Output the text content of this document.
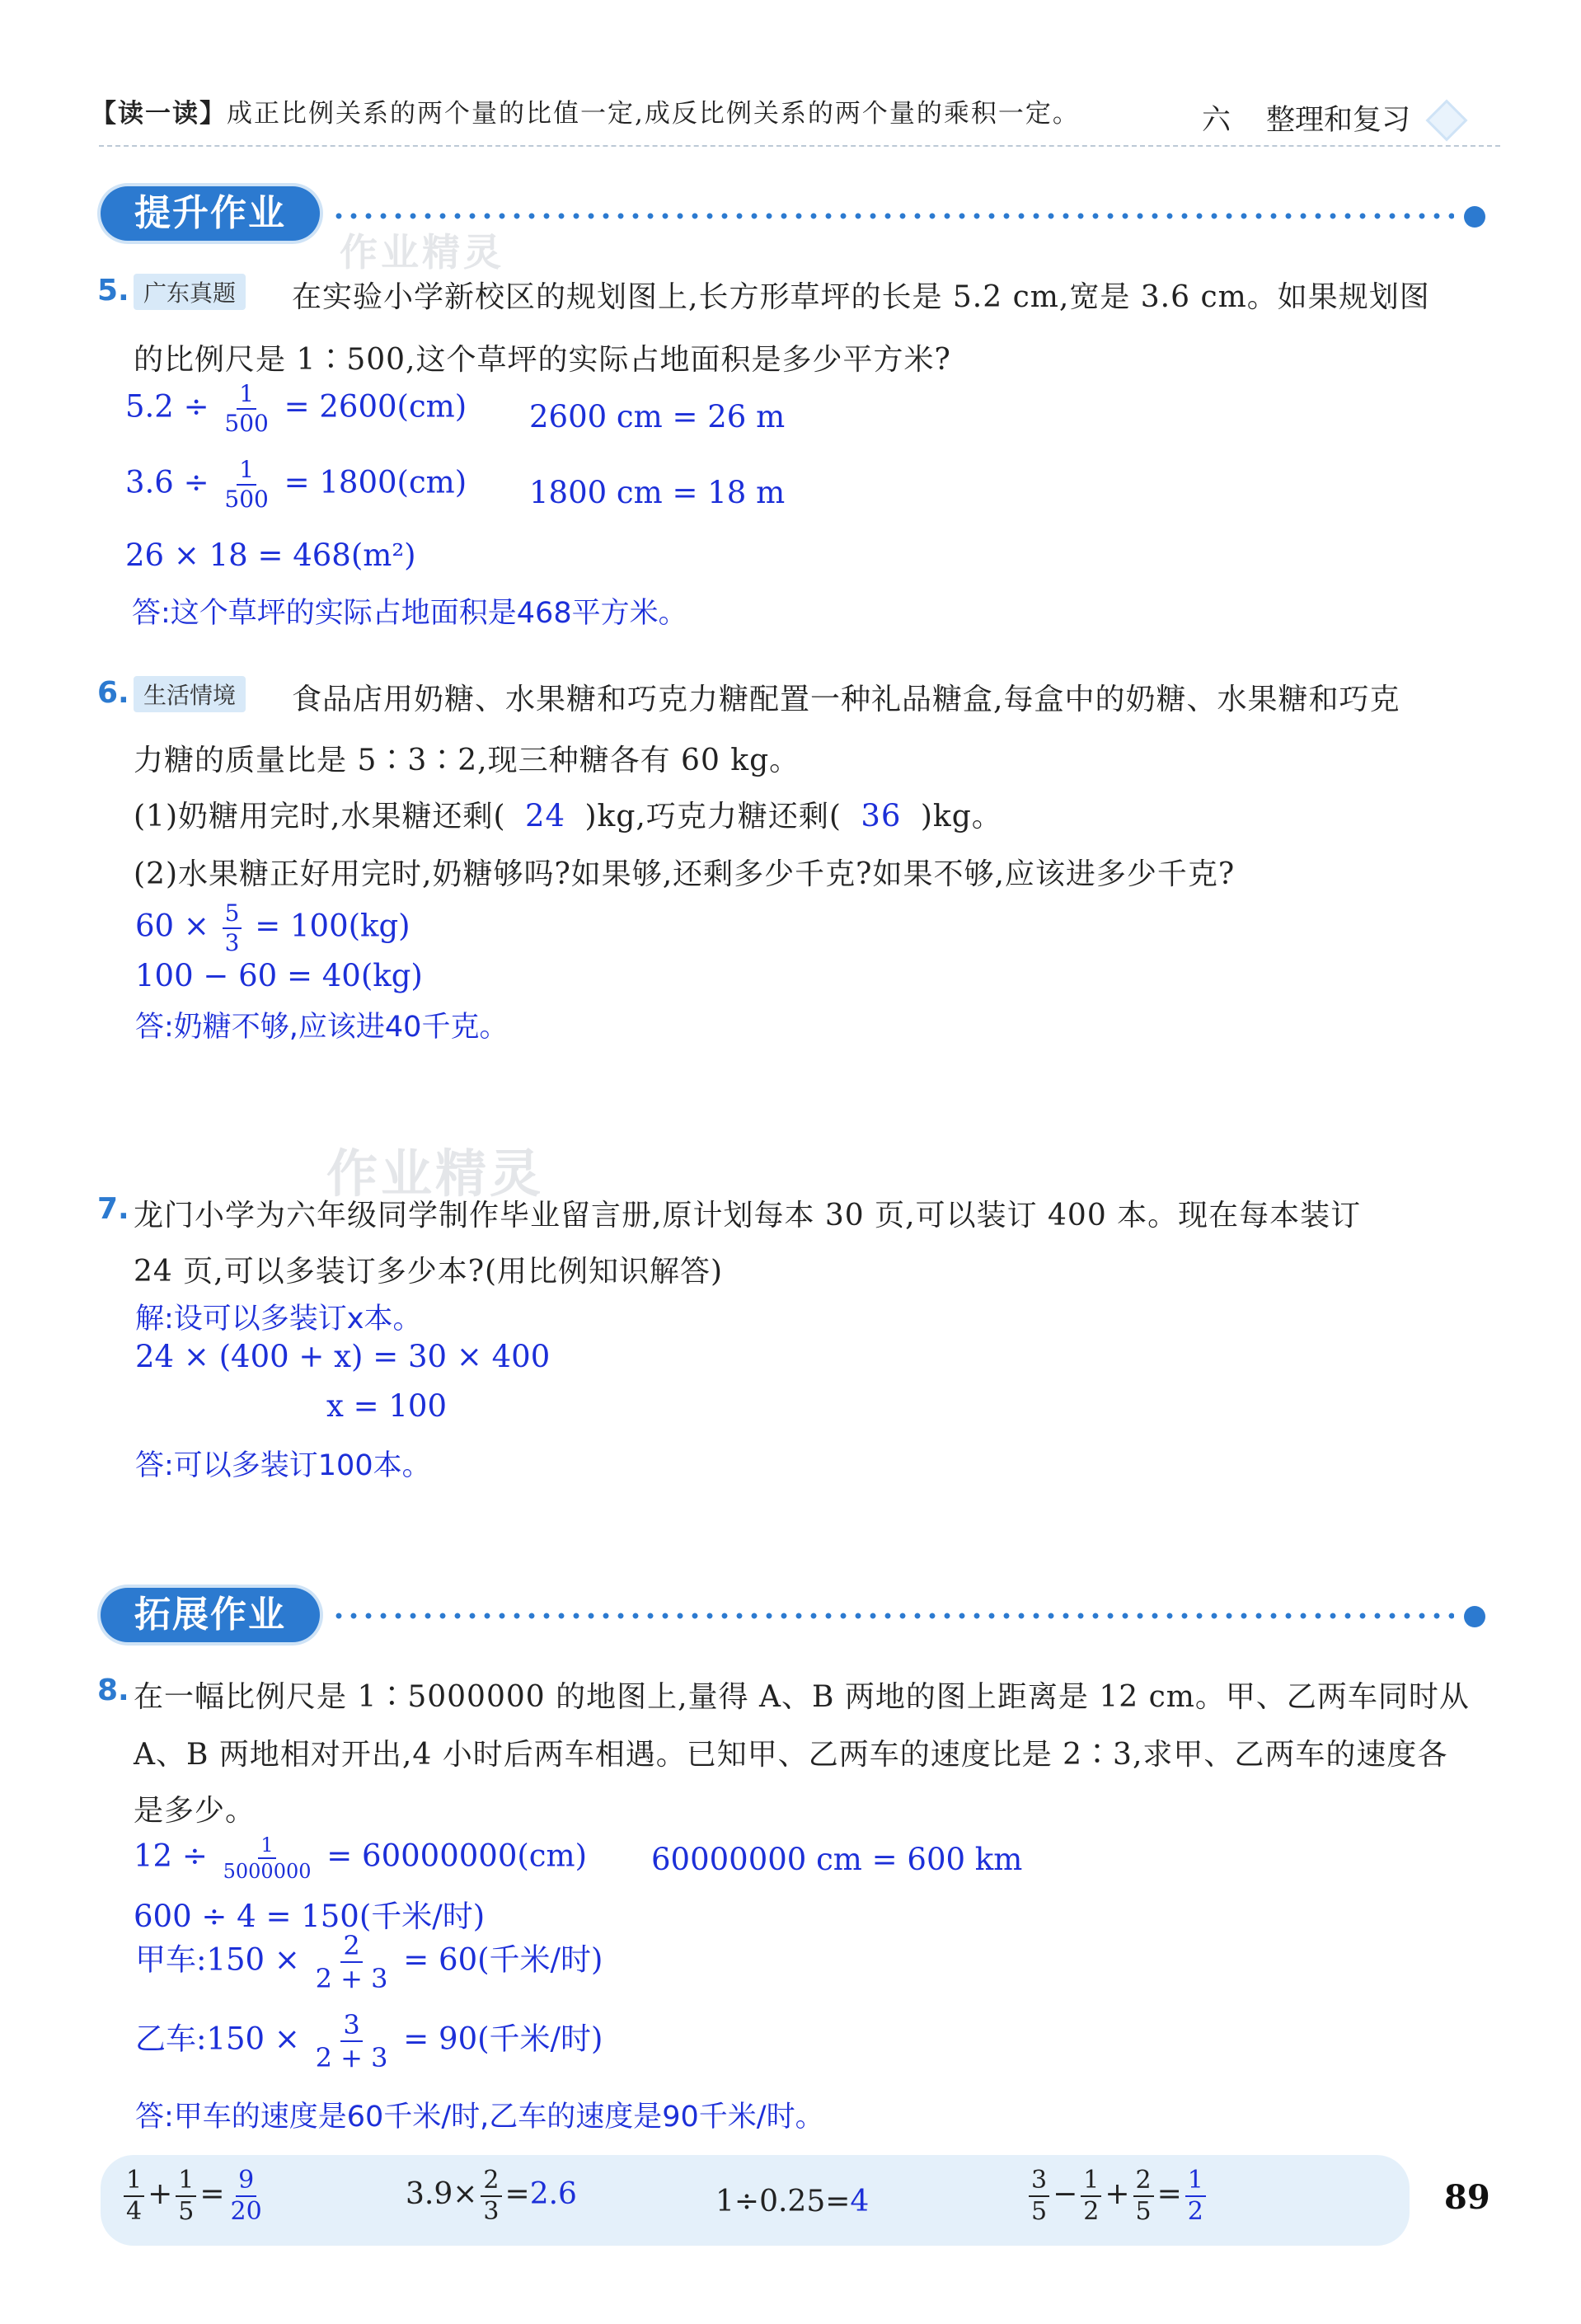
【读一读】成正比例关系的两个量的比值一定,成反比例关系的两个量的乘积一定。	六 整理和复习
提升作业
作业精灵
5. 广东真题	在实验小学新校区的规划图上,长方形草坪的长是 5.2 cm,宽是 3.6 cm。如果规划图
的比例尺是 1∶500,这个草坪的实际占地面积是多少平方米?
$5.2 \div \frac{1}{500} = 2600(cm)$ 2600 cm = 26 m
$3.6 \div \frac{1}{500} = 1800(cm)$ 1800 cm = 18 m
26 × 18 = 468(m²)
答:这个草坪的实际占地面积是468平方米。
6. 生活情境	食品店用奶糖、水果糖和巧克力糖配置一种礼品糖盒,每盒中的奶糖、水果糖和巧克
力糖的质量比是 5∶3∶2,现三种糖各有 60 kg。
(1)奶糖用完时,水果糖还剩( 24 )kg,巧克力糖还剩( 36 )kg。
(2)水果糖正好用完时,奶糖够吗?如果够,还剩多少千克?如果不够,应该进多少千克?
$60 \times \frac{5}{3} = 100(kg)$
100 − 60 = 40(kg)
答:奶糖不够,应该进40千克。
作业精灵
7. 龙门小学为六年级同学制作毕业留言册,原计划每本 30 页,可以装订 400 本。现在每本装订
24 页,可以多装订多少本?(用比例知识解答)
解:设可以多装订x本。
24 × (400 + x) = 30 × 400
x = 100
答:可以多装订100本。
拓展作业
8. 在一幅比例尺是 1∶5000000 的地图上,量得 A、B 两地的图上距离是 12 cm。甲、乙两车同时从
A、B 两地相对开出,4 小时后两车相遇。已知甲、乙两车的速度比是 2∶3,求甲、乙两车的速度各
是多少。
$12 \div \frac{1}{5000000} = 60000000(cm)$ 60000000 cm = 600 km
600 ÷ 4 = 150(千米/时)
甲车:150 × $\frac{2}{2 + 3} = 60$(千米/时)
乙车:150 × $\frac{3}{2 + 3} = 90$(千米/时)
答:甲车的速度是60千米/时,乙车的速度是90千米/时。
$\frac{1}{4} + \frac{1}{5} = \frac{9}{20}$	$3.9\times \frac{2}{3} =2.6$	1÷0.25=4	$\frac{3}{5} - \frac{1}{2} + \frac{2}{5} = \frac{1}{2}$	89
